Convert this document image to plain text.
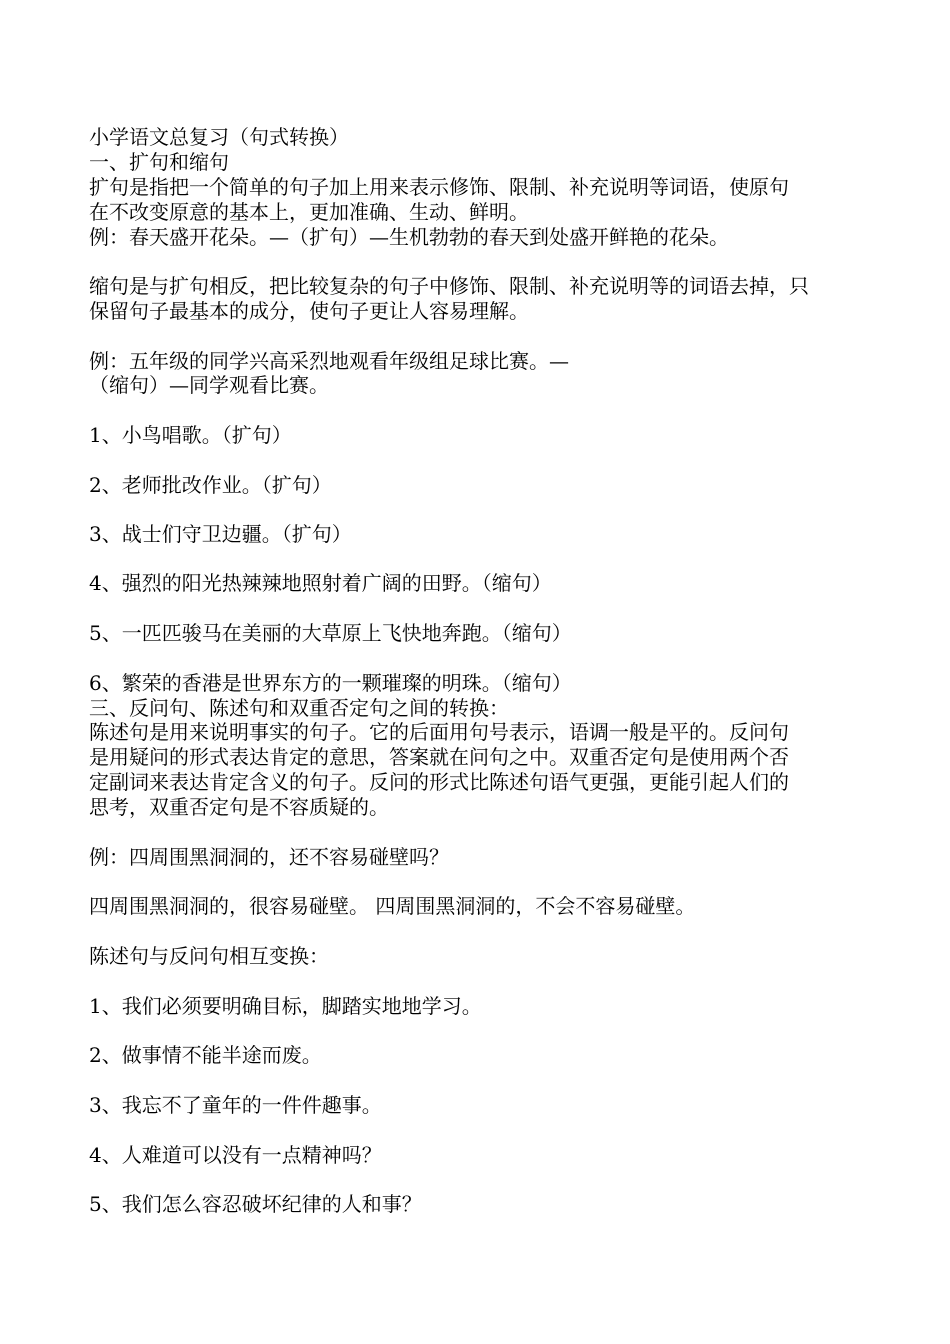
小学语文总复习（句式转换）
一、扩句和缩句
扩句是指把一个简单的句子加上用来表示修饰、限制、补充说明等词语，使原句
在不改变原意的基本上，更加准确、生动、鲜明。
例：春天盛开花朵。—（扩句）—生机勃勃的春天到处盛开鲜艳的花朵。
缩句是与扩句相反，把比较复杂的句子中修饰、限制、补充说明等的词语去掉，只
保留句子最基本的成分，使句子更让人容易理解。
例：五年级的同学兴高采烈地观看年级组足球比赛。—
（缩句）—同学观看比赛。
1、小鸟唱歌。（扩句）
2、老师批改作业。（扩句）
3、战士们守卫边疆。（扩句）
4、强烈的阳光热辣辣地照射着广阔的田野。（缩句）
5、一匹匹骏马在美丽的大草原上飞快地奔跑。（缩句）
6、繁荣的香港是世界东方的一颗璀璨的明珠。（缩句）
三、反问句、陈述句和双重否定句之间的转换：
陈述句是用来说明事实的句子。它的后面用句号表示，语调一般是平的。反问句
是用疑问的形式表达肯定的意思，答案就在问句之中。双重否定句是使用两个否
定副词来表达肯定含义的句子。反问的形式比陈述句语气更强，更能引起人们的
思考，双重否定句是不容质疑的。
例：四周围黑洞洞的，还不容易碰壁吗？
四周围黑洞洞的，很容易碰壁。 四周围黑洞洞的，不会不容易碰壁。
陈述句与反问句相互变换：
1、我们必须要明确目标，脚踏实地地学习。
2、做事情不能半途而废。
3、我忘不了童年的一件件趣事。
4、人难道可以没有一点精神吗？
5、我们怎么容忍破坏纪律的人和事？
